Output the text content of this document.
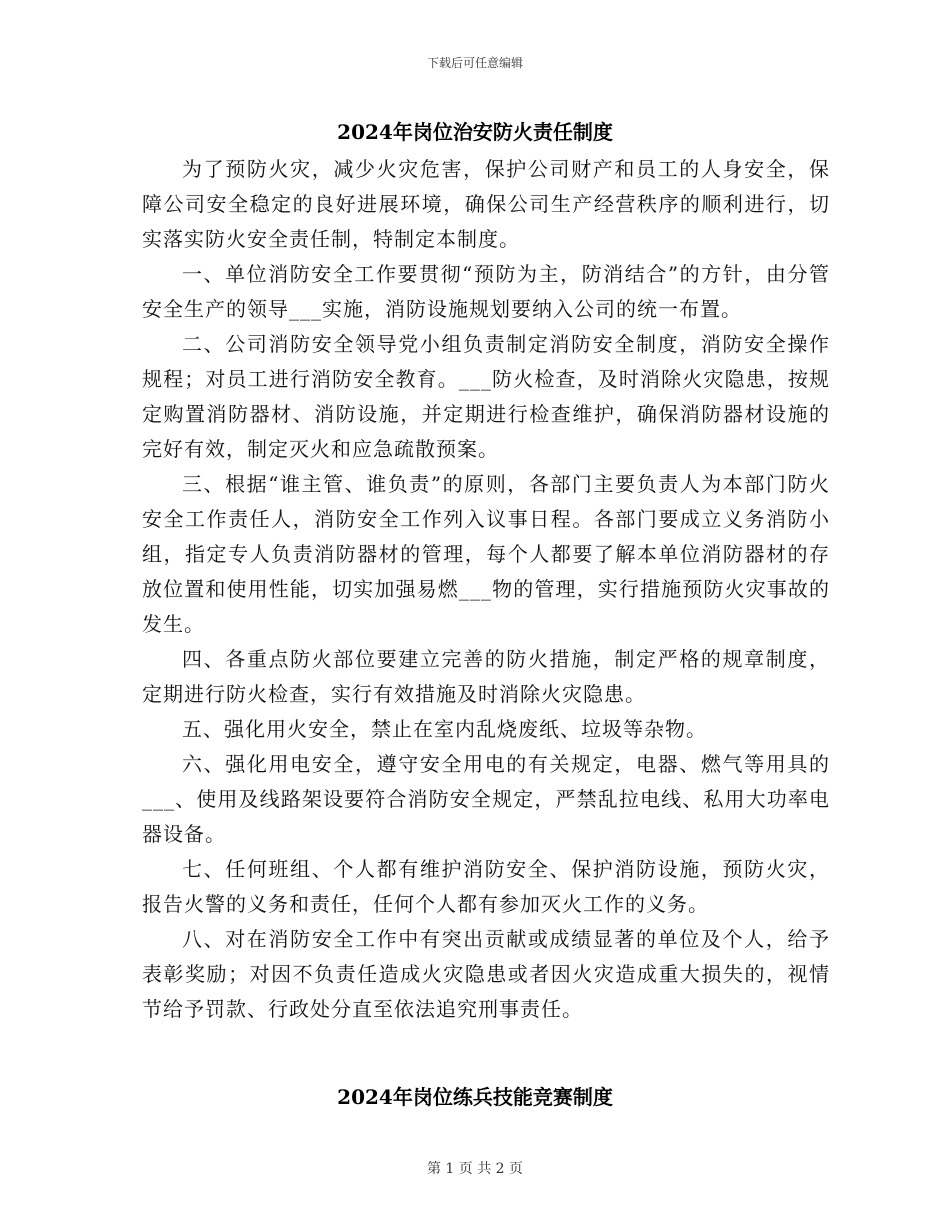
下载后可任意编辑
2024年岗位治安防火责任制度

为了预防火灾，减少火灾危害，保护公司财产和员工的人身安全，保障公司安全稳定的良好进展环境，确保公司生产经营秩序的顺利进行，切实落实防火安全责任制，特制定本制度。

一、单位消防安全工作要贯彻“预防为主，防消结合”的方针，由分管安全生产的领导___实施，消防设施规划要纳入公司的统一布置。

二、公司消防安全领导党小组负责制定消防安全制度，消防安全操作规程；对员工进行消防安全教育。___防火检查，及时消除火灾隐患，按规定购置消防器材、消防设施，并定期进行检查维护，确保消防器材设施的完好有效，制定灭火和应急疏散预案。

三、根据“谁主管、谁负责”的原则，各部门主要负责人为本部门防火安全工作责任人，消防安全工作列入议事日程。各部门要成立义务消防小组，指定专人负责消防器材的管理，每个人都要了解本单位消防器材的存放位置和使用性能，切实加强易燃___物的管理，实行措施预防火灾事故的发生。

四、各重点防火部位要建立完善的防火措施，制定严格的规章制度，定期进行防火检查，实行有效措施及时消除火灾隐患。

五、强化用火安全，禁止在室内乱烧废纸、垃圾等杂物。

六、强化用电安全，遵守安全用电的有关规定，电器、燃气等用具的___、使用及线路架设要符合消防安全规定，严禁乱拉电线、私用大功率电器设备。

七、任何班组、个人都有维护消防安全、保护消防设施，预防火灾，报告火警的义务和责任，任何个人都有参加灭火工作的义务。

八、对在消防安全工作中有突出贡献或成绩显著的单位及个人，给予表彰奖励；对因不负责任造成火灾隐患或者因火灾造成重大损失的，视情节给予罚款、行政处分直至依法追究刑事责任。

2024年岗位练兵技能竞赛制度
第 1 页 共 2 页
